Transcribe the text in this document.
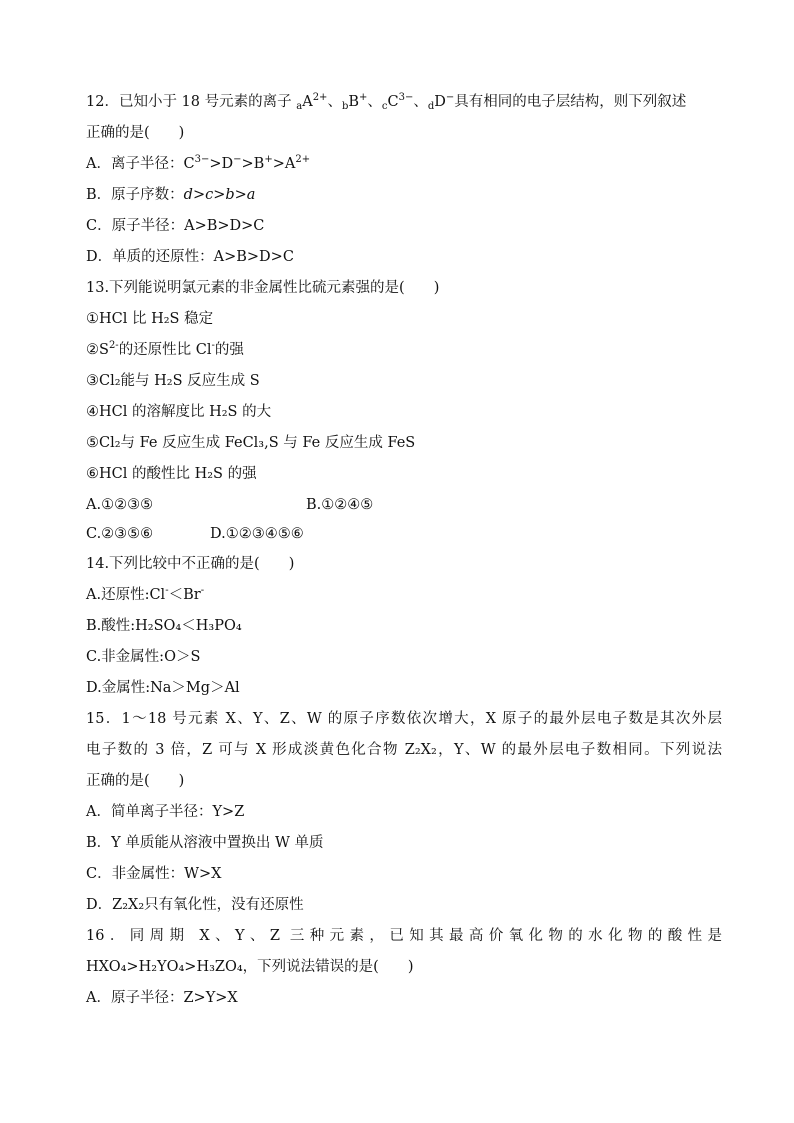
12．已知小于 18 号元素的离子 $_aA^{2+}$、$_b$B+、$_cC^{3-}$、$_d$D−具有相同的电子层结构，则下列叙述
正确的是(　　)
A．离子半径：$C^{3-}>D^->B^+>A^{2+}$
B．原子序数：d>c>b>a
C．原子半径：A>B>D>C
D．单质的还原性：A>B>D>C
13.下列能说明氯元素的非金属性比硫元素强的是(　　)
①HCl 比 H₂S 稳定
$②S^{2-}$的还原性比 Cl-的强
③Cl₂能与 H₂S 反应生成 S
④HCl 的溶解度比 H₂S 的大
⑤Cl₂与 Fe 反应生成 FeCl₃,S 与 Fe 反应生成 FeS
⑥HCl 的酸性比 H₂S 的强
A.①②③⑤	B.①②④⑤
C.②③⑤⑥	D.①②③④⑤⑥
14.下列比较中不正确的是(　　)
A.还原性:Cl-＜Br-
B.酸性:H₂SO₄＜H₃PO₄
C.非金属性:O＞S
D.金属性:Na＞Mg＞Al
15．1～18 号元素 X、Y、Z、W 的原子序数依次增大，X 原子的最外层电子数是其次外层
电子数的 3 倍，Z 可与 X 形成淡黄色化合物 Z₂X₂，Y、W 的最外层电子数相同。下列说法
正确的是(　　)
A．简单离子半径：Y>Z
B．Y 单质能从溶液中置换出 W 单质
C．非金属性：W>X
D．Z₂X₂只有氧化性，没有还原性
16．同周期 X、Y、Z 三种元素，已知其最高价氧化物的水化物的酸性是
HXO₄>H₂YO₄>H₃ZO₄，下列说法错误的是(　　)
A．原子半径：Z>Y>X
